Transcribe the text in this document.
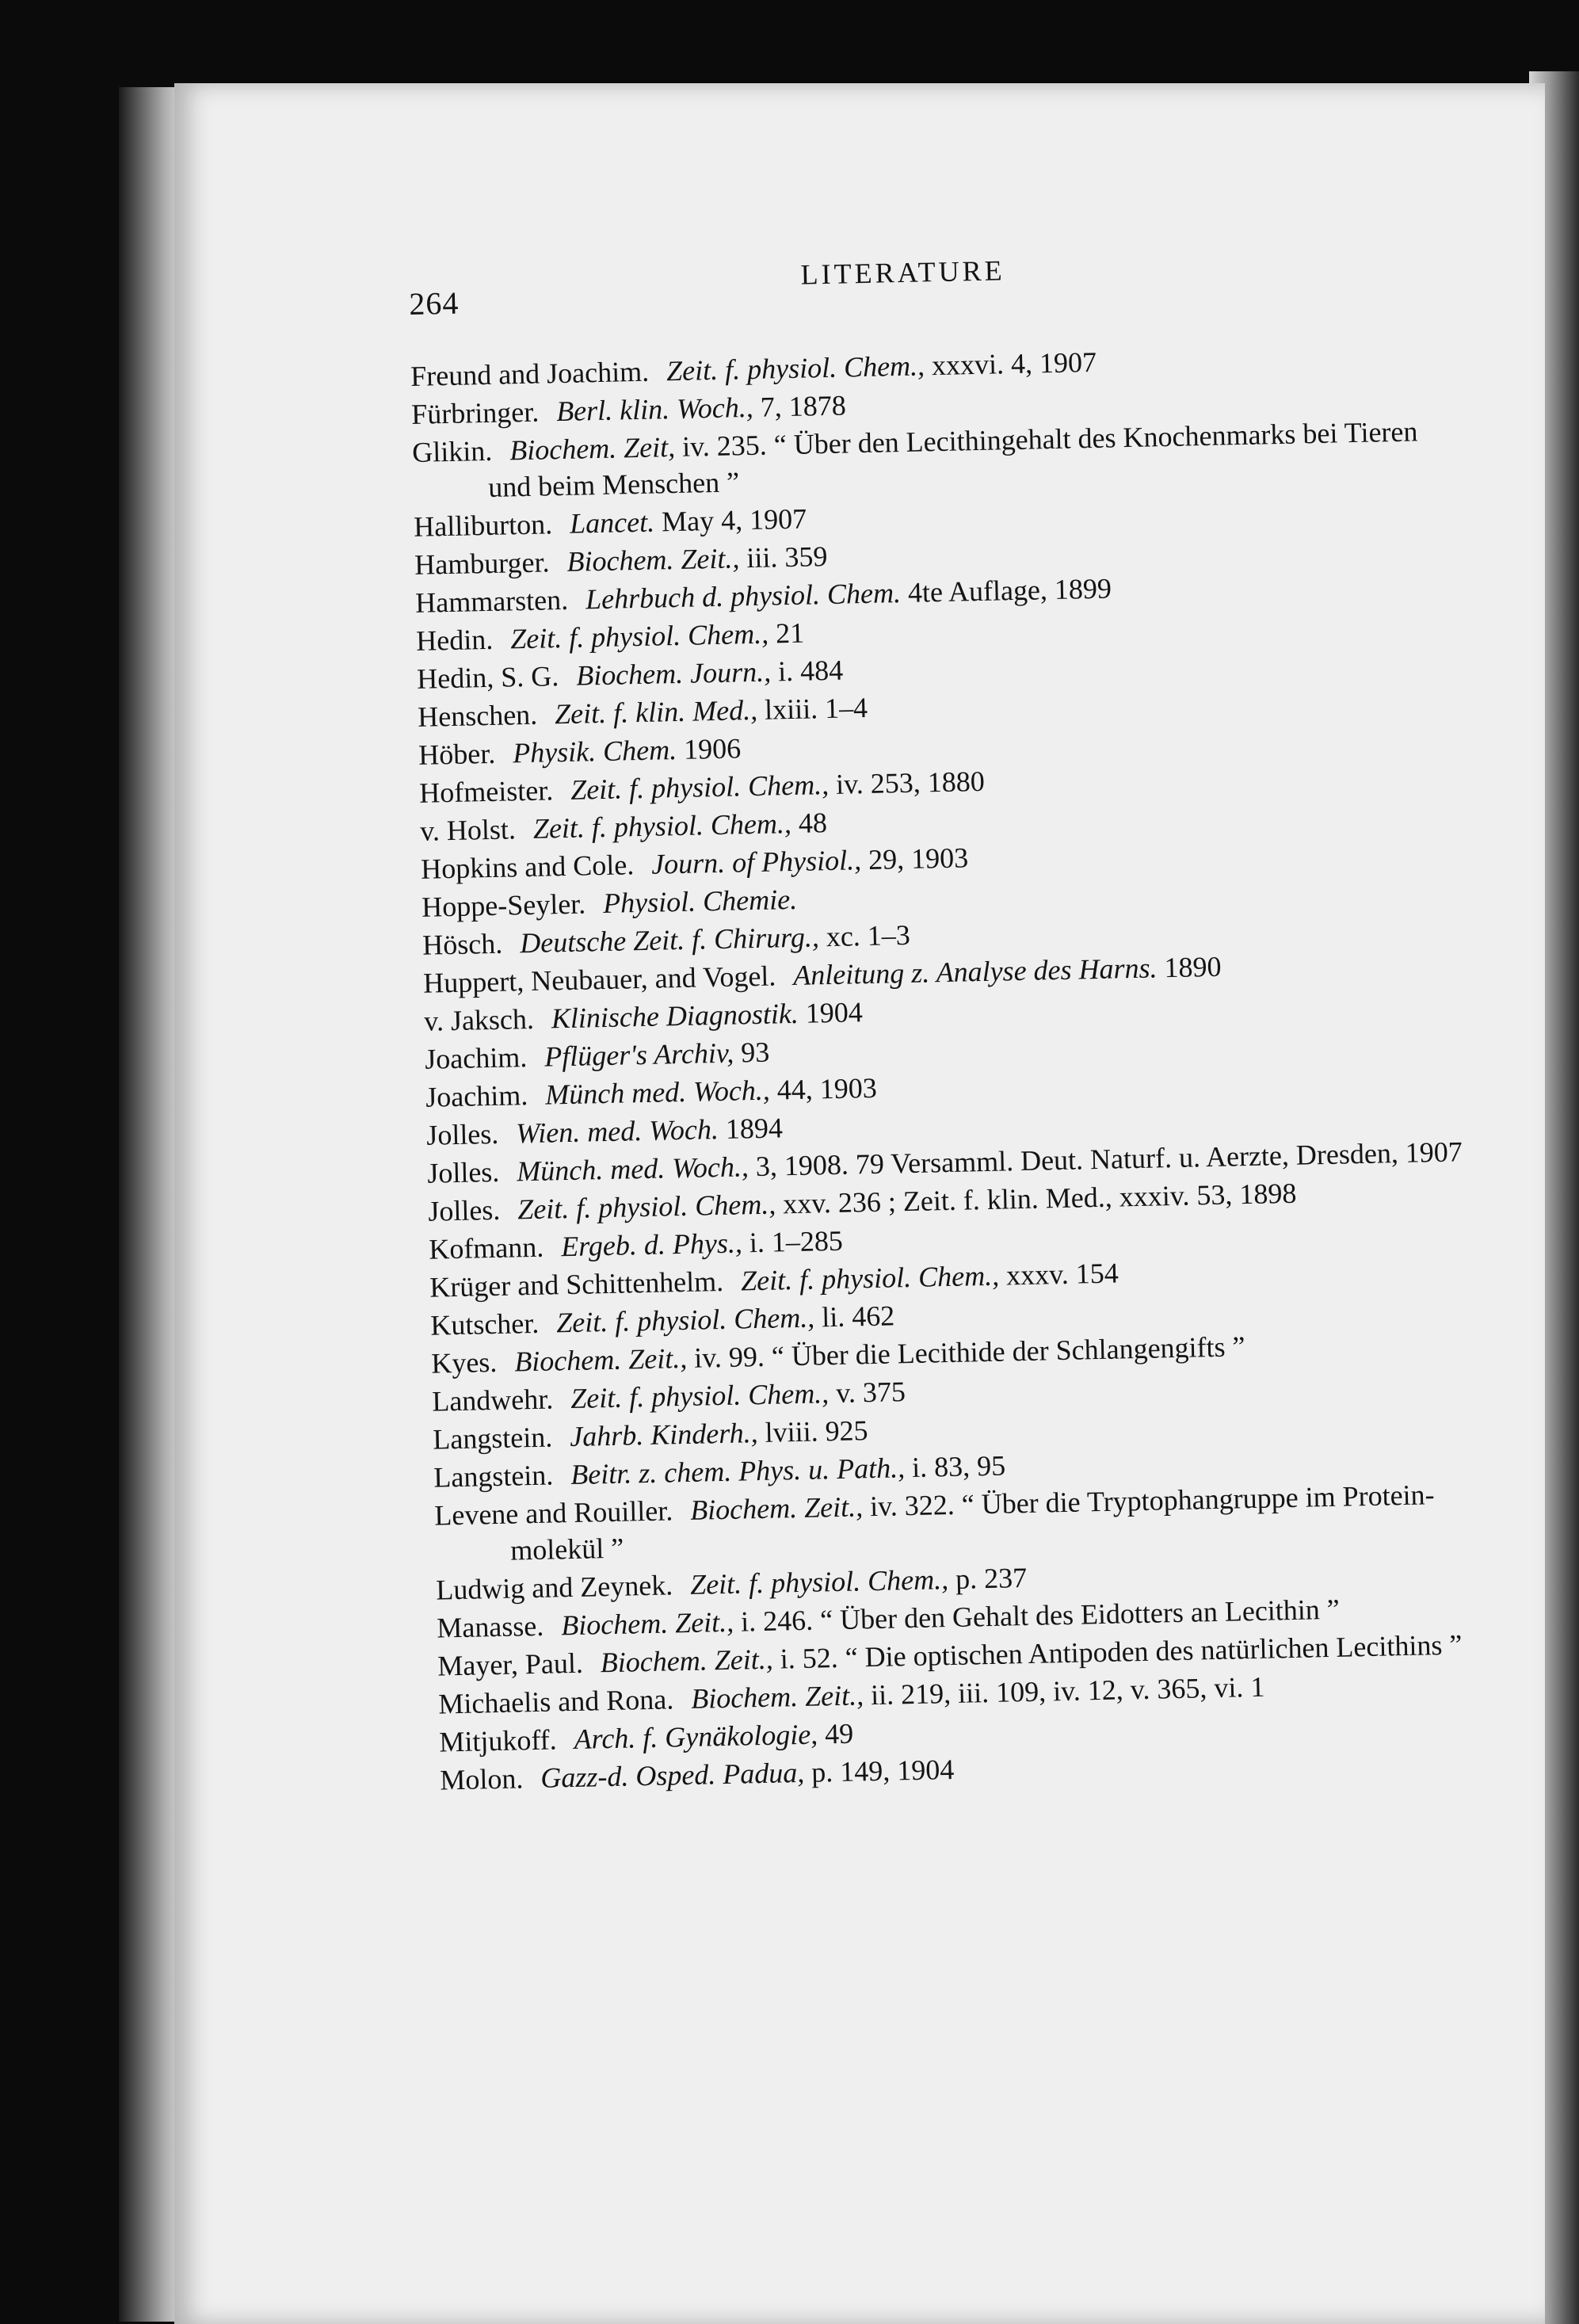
264
LITERATURE

Freund and Joachim. Zeit. f. physiol. Chem., xxxvi. 4, 1907

Fürbringer. Berl. klin. Woch., 7, 1878

Glikin. Biochem. Zeit, iv. 235. “ Über den Lecithingehalt des Knochenmarks bei Tieren und beim Menschen ”

Halliburton. Lancet. May 4, 1907

Hamburger. Biochem. Zeit., iii. 359

Hammarsten. Lehrbuch d. physiol. Chem. 4te Auflage, 1899

Hedin. Zeit. f. physiol. Chem., 21

Hedin, S. G. Biochem. Journ., i. 484

Henschen. Zeit. f. klin. Med., lxiii. 1–4

Höber. Physik. Chem. 1906

Hofmeister. Zeit. f. physiol. Chem., iv. 253, 1880

v. Holst. Zeit. f. physiol. Chem., 48

Hopkins and Cole. Journ. of Physiol., 29, 1903

Hoppe-Seyler. Physiol. Chemie.

Hösch. Deutsche Zeit. f. Chirurg., xc. 1–3

Huppert, Neubauer, and Vogel. Anleitung z. Analyse des Harns. 1890

v. Jaksch. Klinische Diagnostik. 1904

Joachim. Pflüger's Archiv, 93

Joachim. Münch med. Woch., 44, 1903

Jolles. Wien. med. Woch. 1894

Jolles. Münch. med. Woch., 3, 1908. 79 Versamml. Deut. Naturf. u. Aerzte, Dresden, 1907

Jolles. Zeit. f. physiol. Chem., xxv. 236 ; Zeit. f. klin. Med., xxxiv. 53, 1898

Kofmann. Ergeb. d. Phys., i. 1–285

Krüger and Schittenhelm. Zeit. f. physiol. Chem., xxxv. 154

Kutscher. Zeit. f. physiol. Chem., li. 462

Kyes. Biochem. Zeit., iv. 99. “ Über die Lecithide der Schlangengifts ”

Landwehr. Zeit. f. physiol. Chem., v. 375

Langstein. Jahrb. Kinderh., lviii. 925

Langstein. Beitr. z. chem. Phys. u. Path., i. 83, 95

Levene and Rouiller. Biochem. Zeit., iv. 322. “ Über die Tryptophangruppe im Protein-molekül ”

Ludwig and Zeynek. Zeit. f. physiol. Chem., p. 237

Manasse. Biochem. Zeit., i. 246. “ Über den Gehalt des Eidotters an Lecithin ”

Mayer, Paul. Biochem. Zeit., i. 52. “ Die optischen Antipoden des natürlichen Lecithins ”

Michaelis and Rona. Biochem. Zeit., ii. 219, iii. 109, iv. 12, v. 365, vi. 1

Mitjukoff. Arch. f. Gynäkologie, 49

Molon. Gazz-d. Osped. Padua, p. 149, 1904
